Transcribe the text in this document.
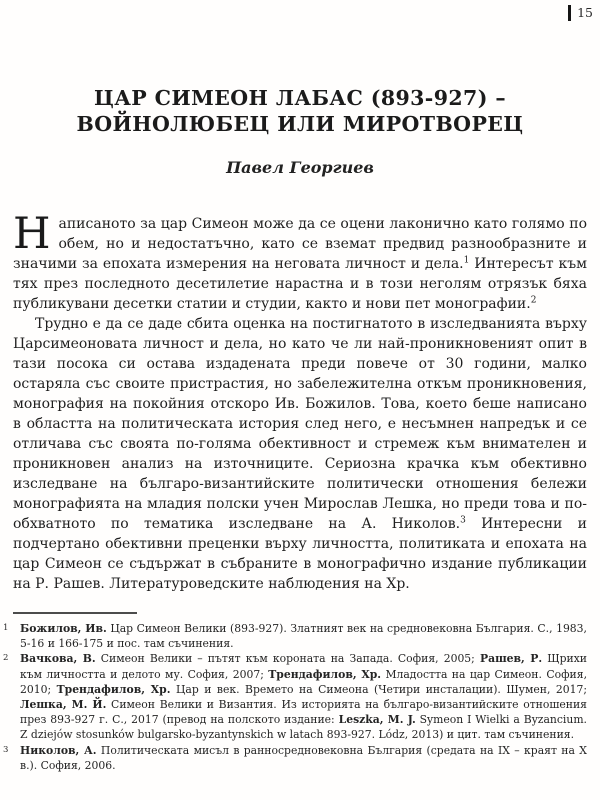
15
ЦАР СИМЕОН ЛАБАС (893-927) –
ВОЙНОЛЮБЕЦ ИЛИ МИРОТВОРЕЦ
Павел Георгиев

Написаното за цар Симеон може да се оцени лаконично като голямо по обем, но и недостатъчно, като се вземат предвид разнообразните и значими за епохата измерения на неговата личност и дела.$^1$ Интересът към тях през последното десетилетие нарастна и в този неголям отрязък бяха публикувани десетки статии и студии, както и нови пет монографии.$^2$

Трудно е да се даде сбита оценка на постигнатото в изследванията върху Царсимеоновата личност и дела, но като че ли най-проникновеният опит в тази посока си остава издадената преди повече от 30 години, малко остаряла със своите пристрастия, но забележителна откъм проникновения, монография на покойния отскоро Ив. Божилов. Това, което беше написано в областта на политическата история след него, е несъмнен напредък и се отличава със своята по-голяма обективност и стремеж към внимателен и проникновен анализ на източниците. Сериозна крачка към обективно изследване на българо-византийските политически отношения бележи монографията на младия полски учен Мирослав Лешка, но преди това и по-обхватното по тематика изследване на А. Николов.$^3$ Интересни и подчертано обективни преценки върху личността, политиката и епохата на цар Симеон се съдържат в събраните в монографично издание публикации на Р. Рашев. Литературоведските наблюдения на Хр.

1 Божилов, Ив. Цар Симеон Велики (893-927). Златният век на средновековна България. С., 1983, 5-16 и 166-175 и пос. там съчинения.
2 Вачкова, В. Симеон Велики – пътят към короната на Запада. София, 2005; Рашев, Р. Щрихи към личността и делото му. София, 2007; Трендафилов, Хр. Младостта на цар Симеон. София, 2010; Трендафилов, Хр. Цар и век. Времето на Симеона (Четири инсталации). Шумен, 2017; Лешка, М. Й. Симеон Велики и Византия. Из историята на българо-византийските отношения през 893-927 г. С., 2017 (превод на полското издание: Leszka, M. J. Symeon I Wielki a Byzancium. Z dziejów stosunków bulgarsko-byzantynskich w latach 893-927. Lódz, 2013) и цит. там съчинения.
3 Николов, А. Политическата мисъл в ранносредновековна България (средата на IX – краят на X в.). София, 2006.
